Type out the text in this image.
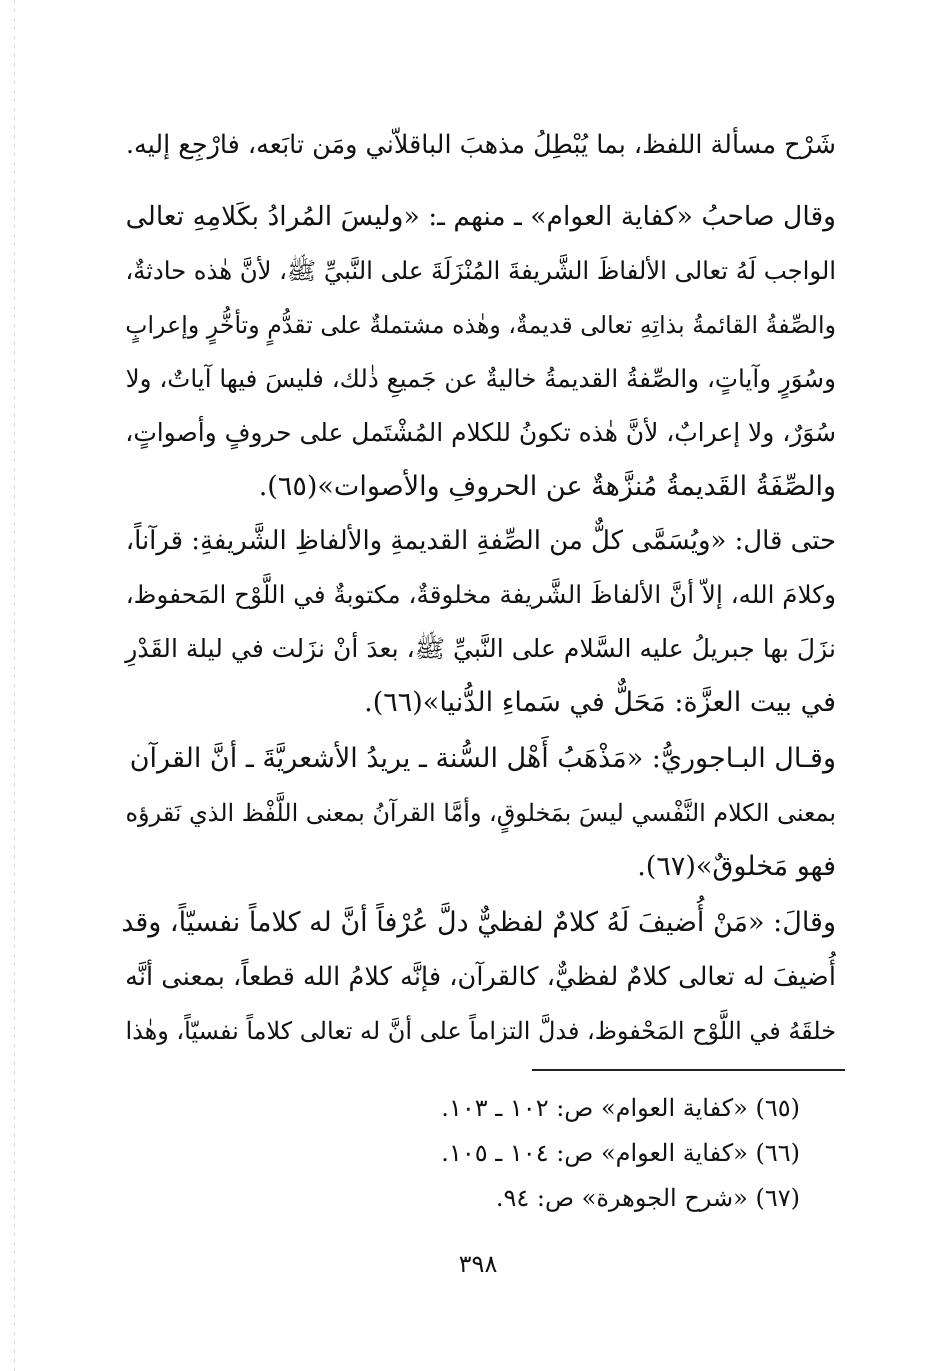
شَرْح مسألة اللفظ، بما يُبْطِلُ مذهبَ الباقلاّني ومَن تابَعه، فارْجِع إليه.
وقال صاحبُ «كفاية العوام» ـ منهم ـ: «وليسَ المُرادُ بكَلامِهِ تعالى
الواجب لَهُ تعالى الألفاظَ الشَّريفةَ المُنْزَلَةَ على النَّبيِّ ﷺ، لأنَّ هٰذه حادثةٌ،
والصِّفةُ القائمةُ بذاتِهِ تعالى قديمةٌ، وهٰذه مشتملةٌ على تقدُّمٍ وتأخُّرٍ وإعرابٍ
وسُوَرٍ وآياتٍ، والصِّفةُ القديمةُ خاليةٌ عن جَميعِ ذٰلك، فليسَ فيها آياتٌ، ولا
سُوَرٌ، ولا إعرابٌ، لأنَّ هٰذه تكونُ للكلام المُشْتَمل على حروفٍ وأصواتٍ،
والصِّفَةُ القَديمةُ مُنزَّهةٌ عن الحروفِ والأصوات»(٦٥).
حتى قال: «ويُسَمَّى كلٌّ من الصِّفةِ القديمةِ والألفاظِ الشَّريفةِ: قرآناً،
وكلامَ الله، إلاّ أنَّ الألفاظَ الشَّريفة مخلوقةٌ، مكتوبةٌ في اللَّوْح المَحفوظ،
نزَلَ بها جبريلُ عليه السَّلام على النَّبيِّ ﷺ، بعدَ أنْ نزَلت في ليلة القَدْرِ
في بيت العزَّة: مَحَلٌّ في سَماءِ الدُّنيا»(٦٦).
وقـال البـاجوريُّ: «مَذْهَبُ أَهْل السُّنة ـ يريدُ الأشعريَّةَ ـ أنَّ القرآن
بمعنى الكلام النَّفْسي ليسَ بمَخلوقٍ، وأمَّا القرآنُ بمعنى اللَّفْظ الذي نَقرؤه
فهو مَخلوقٌ»(٦٧).
وقالَ: «مَنْ أُضيفَ لَهُ كلامٌ لفظيٌّ دلَّ عُرْفاً أنَّ له كلاماً نفسيّاً، وقد
أُضيفَ له تعالى كلامٌ لفظيٌّ، كالقرآن، فإنَّه كلامُ الله قطعاً، بمعنى أنَّه
خلقَهُ في اللَّوْح المَحْفوظ، فدلَّ التزاماً على أنَّ له تعالى كلاماً نفسيّاً، وهٰذا
(٦٥) «كفاية العوام» ص: ١٠٢ ـ ١٠٣.
(٦٦) «كفاية العوام» ص: ١٠٤ ـ ١٠٥.
(٦٧) «شرح الجوهرة» ص: ٩٤.
٣٩٨
